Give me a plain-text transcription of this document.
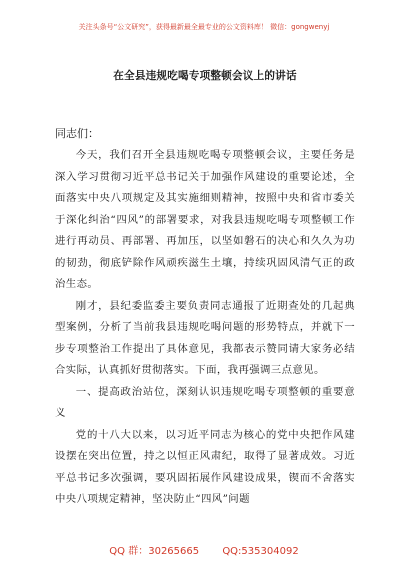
关注头条号“公文研究”，获得最新最全最专业的公文资料库！ 微信：gongwenyj
在全县违规吃喝专项整顿会议上的讲话
同志们：

今天，我们召开全县违规吃喝专项整顿会议，主要任务是深入学习贯彻习近平总书记关于加强作风建设的重要论述，全面落实中央八项规定及其实施细则精神，按照中央和省市委关于深化纠治“四风”的部署要求，对我县违规吃喝专项整顿工作进行再动员、再部署、再加压，以坚如磐石的决心和久久为功的韧劲，彻底铲除作风顽疾滋生土壤，持续巩固风清气正的政治生态。

刚才，县纪委监委主要负责同志通报了近期查处的几起典型案例，分析了当前我县违规吃喝问题的形势特点，并就下一步专项整治工作提出了具体意见，我都表示赞同请大家务必结合实际，认真抓好贯彻落实。下面，我再强调三点意见。

一、提高政治站位，深刻认识违规吃喝专项整顿的重要意义

党的十八大以来，以习近平同志为核心的党中央把作风建设摆在突出位置，持之以恒正风肃纪，取得了显著成效。习近平总书记多次强调，要巩固拓展作风建设成果，锲而不舍落实中央八项规定精神，坚决防止“四风”问题

QQ 群：30265665 QQ:535304092
